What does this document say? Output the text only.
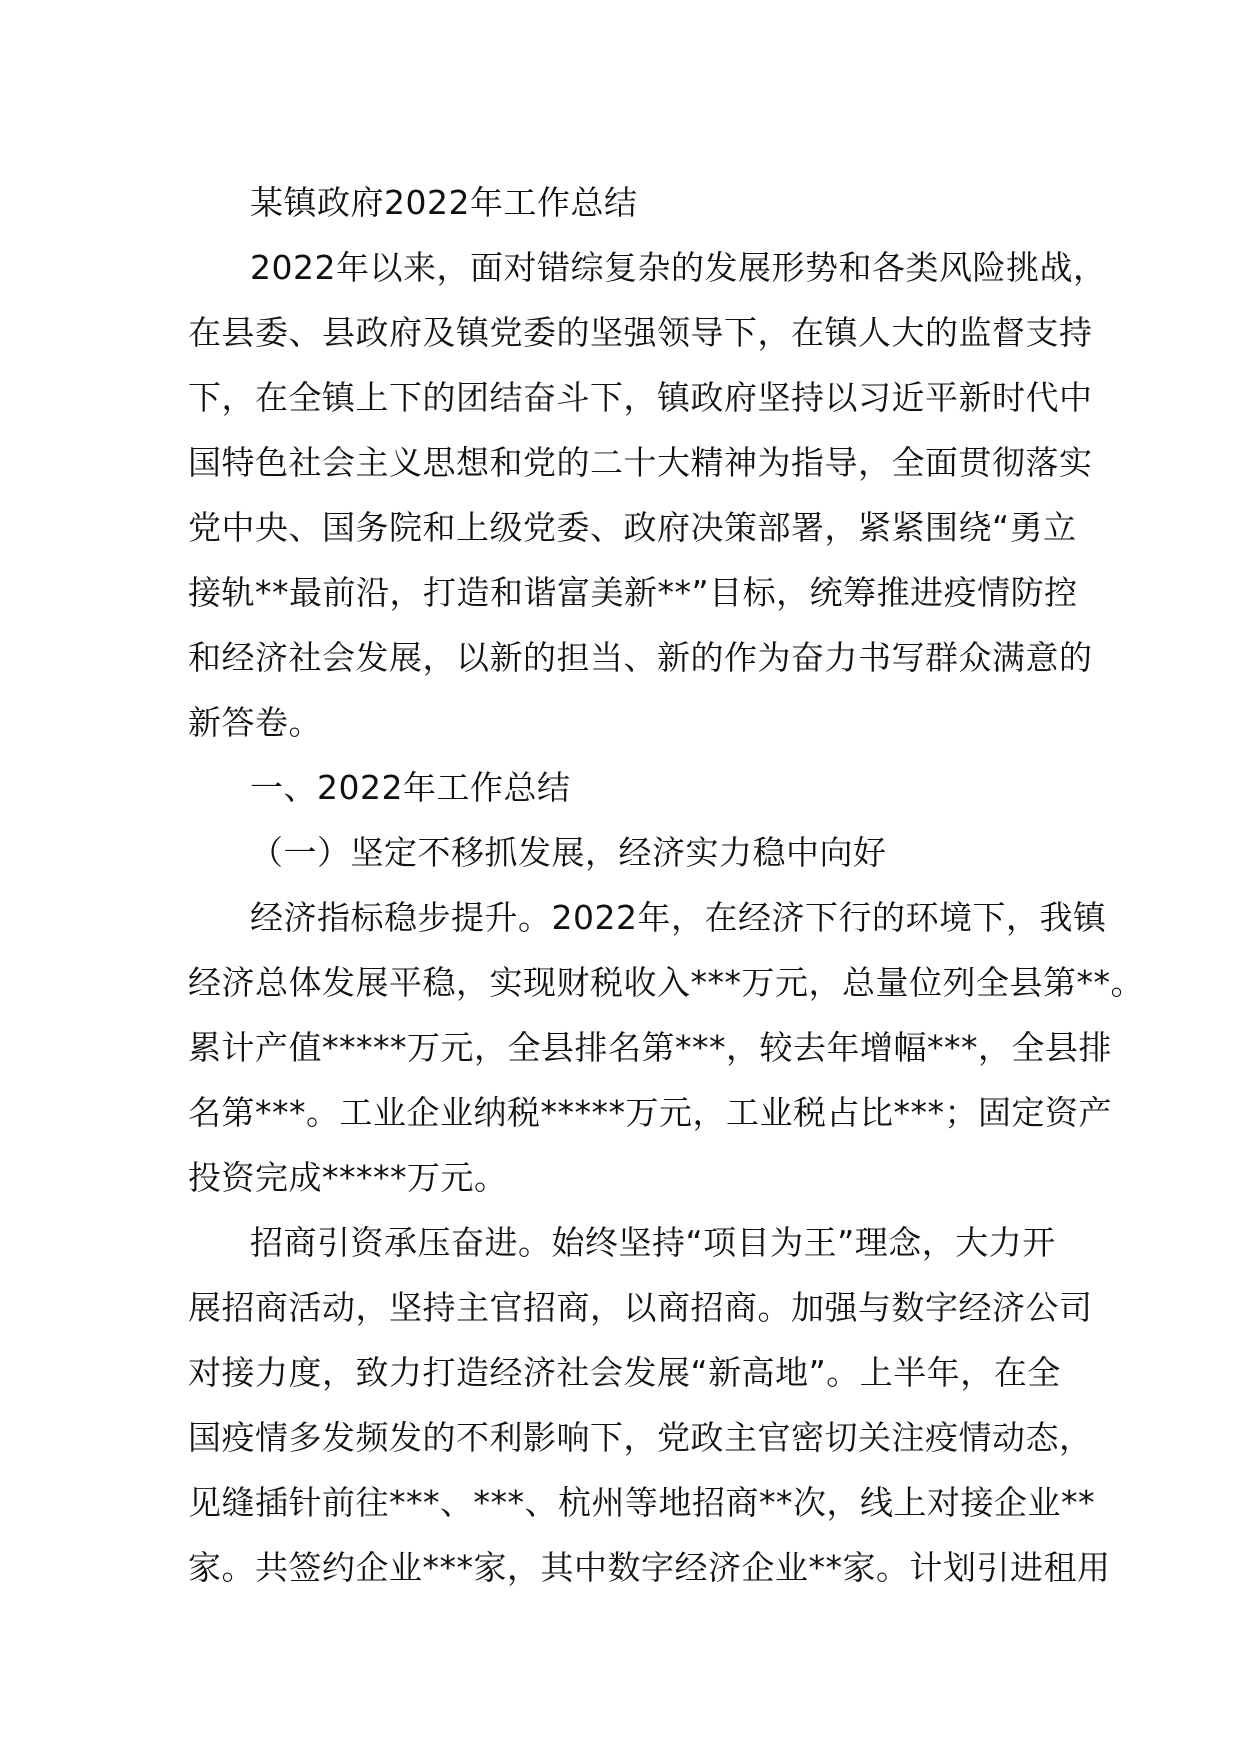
某镇政府2022年工作总结
2022年以来，面对错综复杂的发展形势和各类风险挑战，
在县委、县政府及镇党委的坚强领导下，在镇人大的监督支持
下，在全镇上下的团结奋斗下，镇政府坚持以习近平新时代中
国特色社会主义思想和党的二十大精神为指导，全面贯彻落实
党中央、国务院和上级党委、政府决策部署，紧紧围绕“勇立
接轨**最前沿，打造和谐富美新**”目标，统筹推进疫情防控
和经济社会发展，以新的担当、新的作为奋力书写群众满意的
新答卷。
一、2022年工作总结
（一）坚定不移抓发展，经济实力稳中向好
经济指标稳步提升。2022年，在经济下行的环境下，我镇
经济总体发展平稳，实现财税收入***万元，总量位列全县第**。
累计产值*****万元，全县排名第***，较去年增幅***，全县排
名第***。工业企业纳税*****万元，工业税占比***；固定资产
投资完成*****万元。
招商引资承压奋进。始终坚持“项目为王”理念，大力开
展招商活动，坚持主官招商，以商招商。加强与数字经济公司
对接力度，致力打造经济社会发展“新高地”。上半年，在全
国疫情多发频发的不利影响下，党政主官密切关注疫情动态，
见缝插针前往***、***、杭州等地招商**次，线上对接企业**
家。共签约企业***家，其中数字经济企业**家。计划引进租用
